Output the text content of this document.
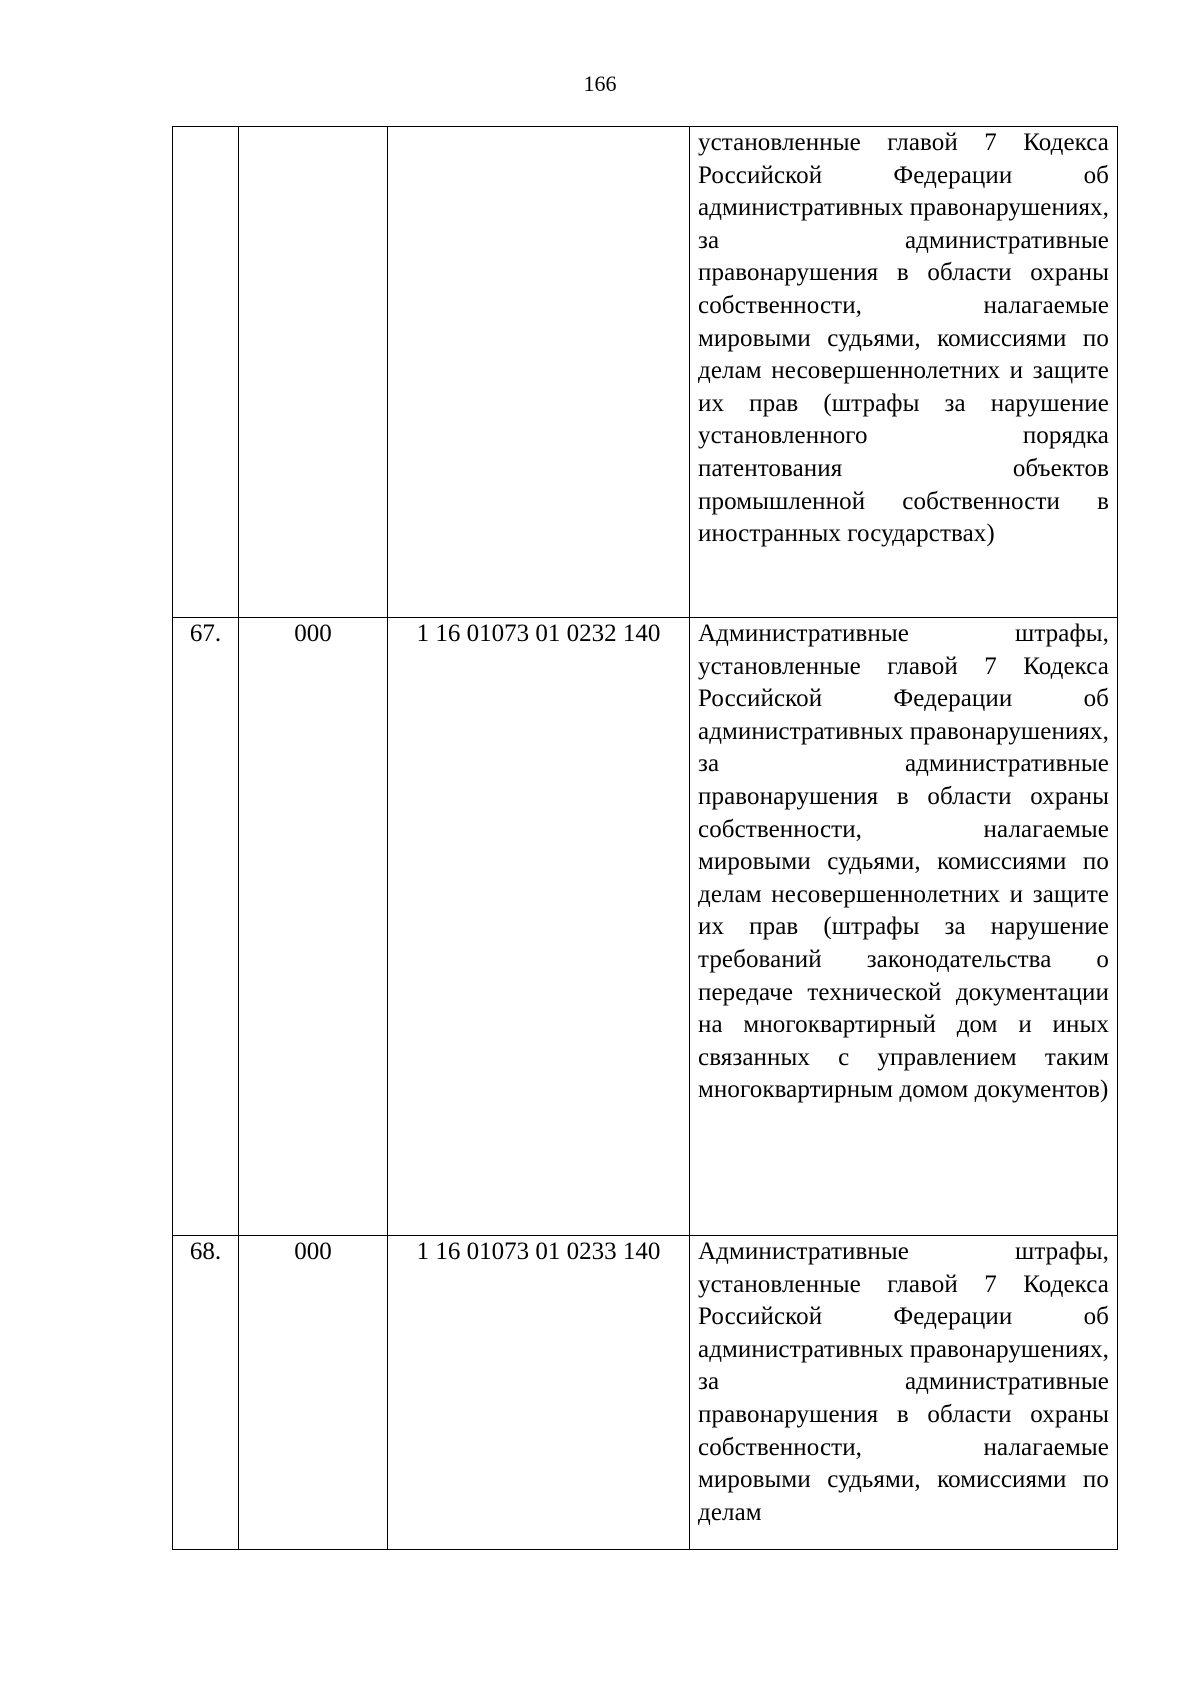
166
			установленные главой 7 Кодекса Российской Федерации об административных правонарушениях, за административные правонарушения в области охраны собственности, налагаемые мировыми судьями, комиссиями по делам несовершеннолетних и защите их прав (штрафы за нарушение установленного порядка патентования объектов промышленной собственности в иностранных государствах)
67.	000	1 16 01073 01 0232 140	Административные штрафы, установленные главой 7 Кодекса Российской Федерации об административных правонарушениях, за административные правонарушения в области охраны собственности, налагаемые мировыми судьями, комиссиями по делам несовершеннолетних и защите их прав (штрафы за нарушение требований законодательства о передаче технической документации на многоквартирный дом и иных связанных с управлением таким многоквартирным домом документов)
68.	000	1 16 01073 01 0233 140	Административные штрафы, установленные главой 7 Кодекса Российской Федерации об административных правонарушениях, за административные правонарушения в области охраны собственности, налагаемые мировыми судьями, комиссиями по делам
